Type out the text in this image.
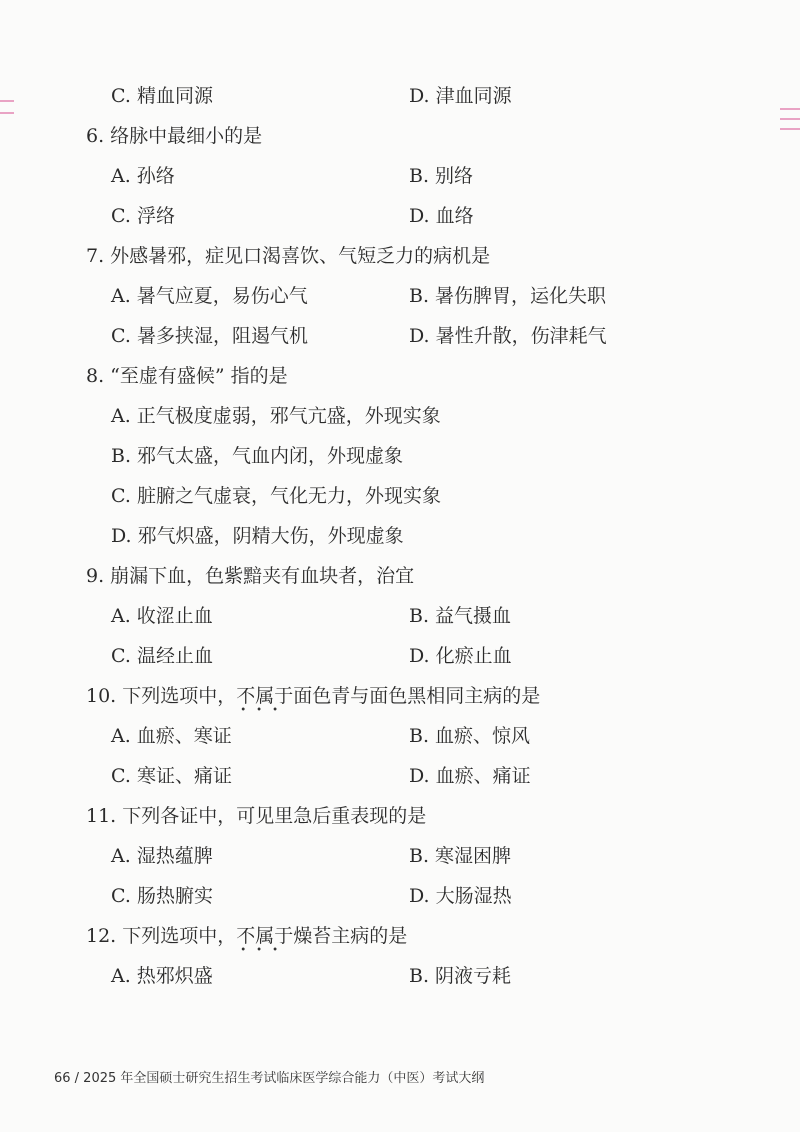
C. 精血同源	D. 津血同源
6. 络脉中最细小的是
A. 孙络	B. 别络
C. 浮络	D. 血络
7. 外感暑邪，症见口渴喜饮、气短乏力的病机是
A. 暑气应夏，易伤心气	B. 暑伤脾胃，运化失职
C. 暑多挟湿，阻遏气机	D. 暑性升散，伤津耗气
8. “至虚有盛候” 指的是
A. 正气极度虚弱，邪气亢盛，外现实象
B. 邪气太盛，气血内闭，外现虚象
C. 脏腑之气虚衰，气化无力，外现实象
D. 邪气炽盛，阴精大伤，外现虚象
9. 崩漏下血，色紫黯夹有血块者，治宜
A. 收涩止血	B. 益气摄血
C. 温经止血	D. 化瘀止血
10. 下列选项中，不属于
•••
面色青与面色黑相同主病的是
A. 血瘀、寒证	B. 血瘀、惊风
C. 寒证、痛证	D. 血瘀、痛证
11. 下列各证中，可见里急后重表现的是
A. 湿热蕴脾	B. 寒湿困脾
C. 肠热腑实	D. 大肠湿热
12. 下列选项中，不属于
•••
燥苔主病的是
A. 热邪炽盛	B. 阴液亏耗
66 / 2025 年全国硕士研究生招生考试临床医学综合能力（中医）考试大纲
